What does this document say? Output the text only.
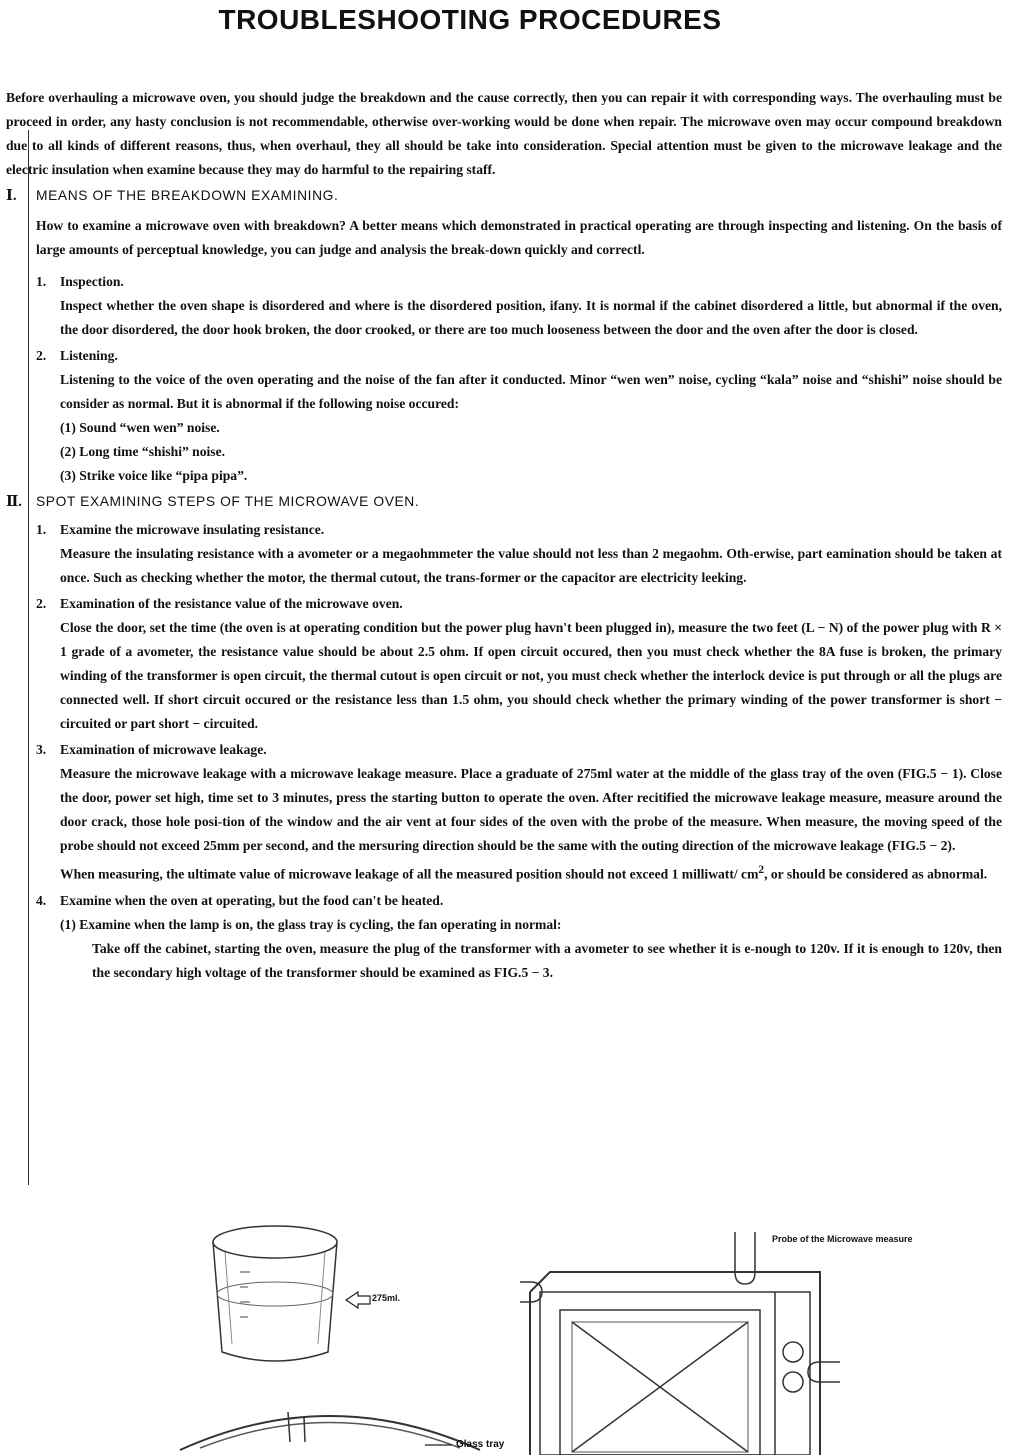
TROUBLESHOOTING PROCEDURES

Before overhauling a microwave oven, you should judge the breakdown and the cause correctly, then you can repair it with corresponding ways. The overhauling must be proceed in order, any hasty conclusion is not recommendable, otherwise over-working would be done when repair. The microwave oven may occur compound breakdown due to all kinds of different reasons, thus, when overhaul, they all should be take into consideration. Special attention must be given to the microwave leakage and the electric insulation when examine because they may do harmful to the repairing staff.

Ⅰ.	MEANS OF THE BREAKDOWN EXAMINING.

How to examine a microwave oven with breakdown? A better means which demonstrated in practical operating are through inspecting and listening. On the basis of large amounts of perceptual knowledge, you can judge and analysis the break-down quickly and correctl.

1. Inspection.

Inspect whether the oven shape is disordered and where is the disordered position, ifany. It is normal if the cabinet disordered a little, but abnormal if the oven, the door disordered, the door hook broken, the door crooked, or there are too much looseness between the door and the oven after the door is closed.

2. Listening.

Listening to the voice of the oven operating and the noise of the fan after it conducted. Minor “wen wen” noise, cycling “kala” noise and “shishi” noise should be consider as normal. But it is abnormal if the following noise occured:

(1) Sound “wen wen” noise.
(2) Long time “shishi” noise.
(3) Strike voice like “pipa pipa”.
Ⅱ.	SPOT EXAMINING STEPS OF THE MICROWAVE OVEN.
1. Examine the microwave insulating resistance.

Measure the insulating resistance with a avometer or a megaohmmeter the value should not less than 2 megaohm. Oth-erwise, part eamination should be taken at once. Such as checking whether the motor, the thermal cutout, the trans-former or the capacitor are electricity leeking.

2. Examination of the resistance value of the microwave oven.

Close the door, set the time (the oven is at operating condition but the power plug havn't been plugged in), measure the two feet (L − N) of the power plug with R × 1 grade of a avometer, the resistance value should be about 2.5 ohm. If open circuit occured, then you must check whether the 8A fuse is broken, the primary winding of the transformer is open circuit, the thermal cutout is open circuit or not, you must check whether the interlock device is put through or all the plugs are connected well. If short circuit occured or the resistance less than 1.5 ohm, you should check whether the primary winding of the power transformer is short − circuited or part short − circuited.

3. Examination of microwave leakage.

Measure the microwave leakage with a microwave leakage measure. Place a graduate of 275ml water at the middle of the glass tray of the oven (FIG.5 − 1). Close the door, power set high, time set to 3 minutes, press the starting button to operate the oven. After recitified the microwave leakage measure, measure around the door crack, those hole posi-tion of the window and the air vent at four sides of the oven with the probe of the measure. When measure, the moving speed of the probe should not exceed 25mm per second, and the mersuring direction should be the same with the outing direction of the microwave leakage (FIG.5 − 2).

When measuring, the ultimate value of microwave leakage of all the measured position should not exceed 1 milliwatt/ $cm^2$, or should be considered as abnormal.

4. Examine when the oven at operating, but the food can't be heated.
(1) Examine when the lamp is on, the glass tray is cycling, the fan operating in normal:

Take off the cabinet, starting the oven, measure the plug of the transformer with a avometer to see whether it is e-nough to 120v. If it is enough to 120v, then the secondary high voltage of the transformer should be examined as FIG.5 − 3.

275ml.
Glass tray
Probe of the Microwave measure
